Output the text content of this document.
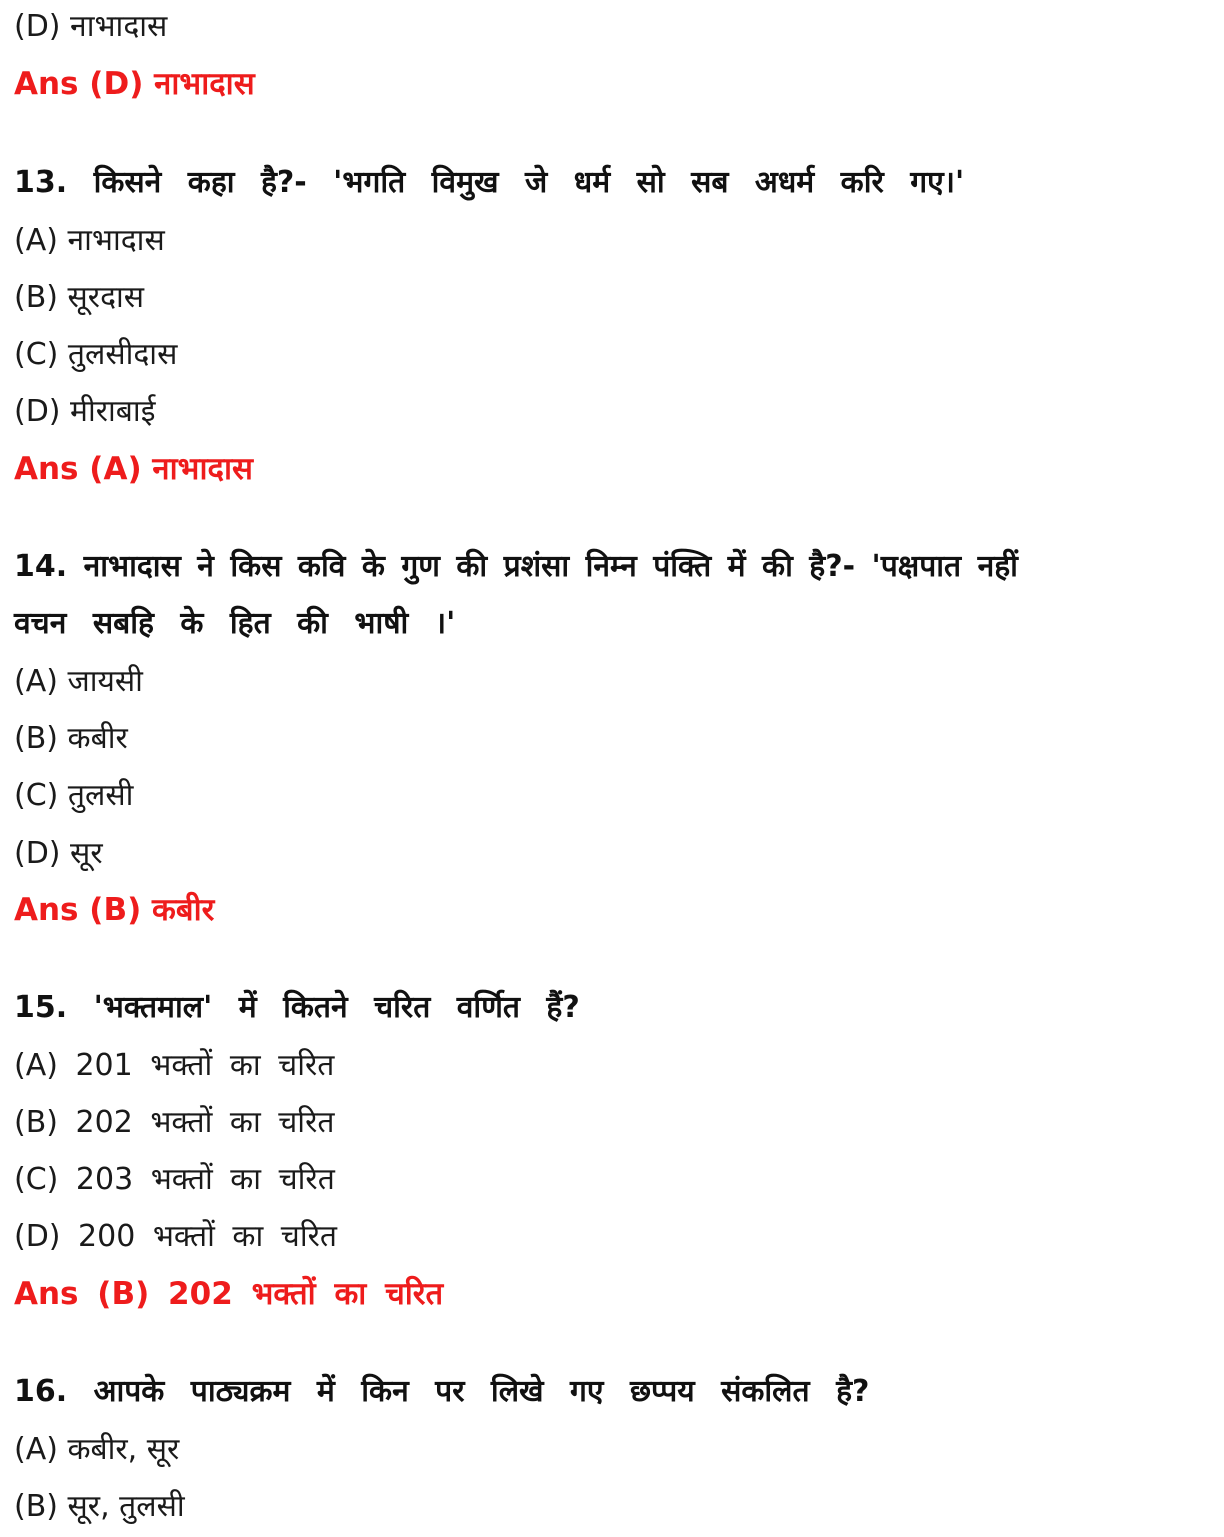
(D) नाभादास
Ans (D) नाभादास
13. किसने कहा है?- 'भगति विमुख जे धर्म सो सब अधर्म करि गए।'
(A) नाभादास
(B) सूरदास
(C) तुलसीदास
(D) मीराबाई
Ans (A) नाभादास
14. नाभादास ने किस कवि के गुण की प्रशंसा निम्न पंक्ति में की है?- 'पक्षपात नहीं
वचन सबहि के हित की भाषी ।'
(A) जायसी
(B) कबीर
(C) तुलसी
(D) सूर
Ans (B) कबीर
15. 'भक्तमाल' में कितने चरित वर्णित हैं?
(A) 201 भक्तों का चरित
(B) 202 भक्तों का चरित
(C) 203 भक्तों का चरित
(D) 200 भक्तों का चरित
Ans (B) 202 भक्तों का चरित
16. आपके पाठ्यक्रम में किन पर लिखे गए छप्पय संकलित है?
(A) कबीर, सूर
(B) सूर, तुलसी
